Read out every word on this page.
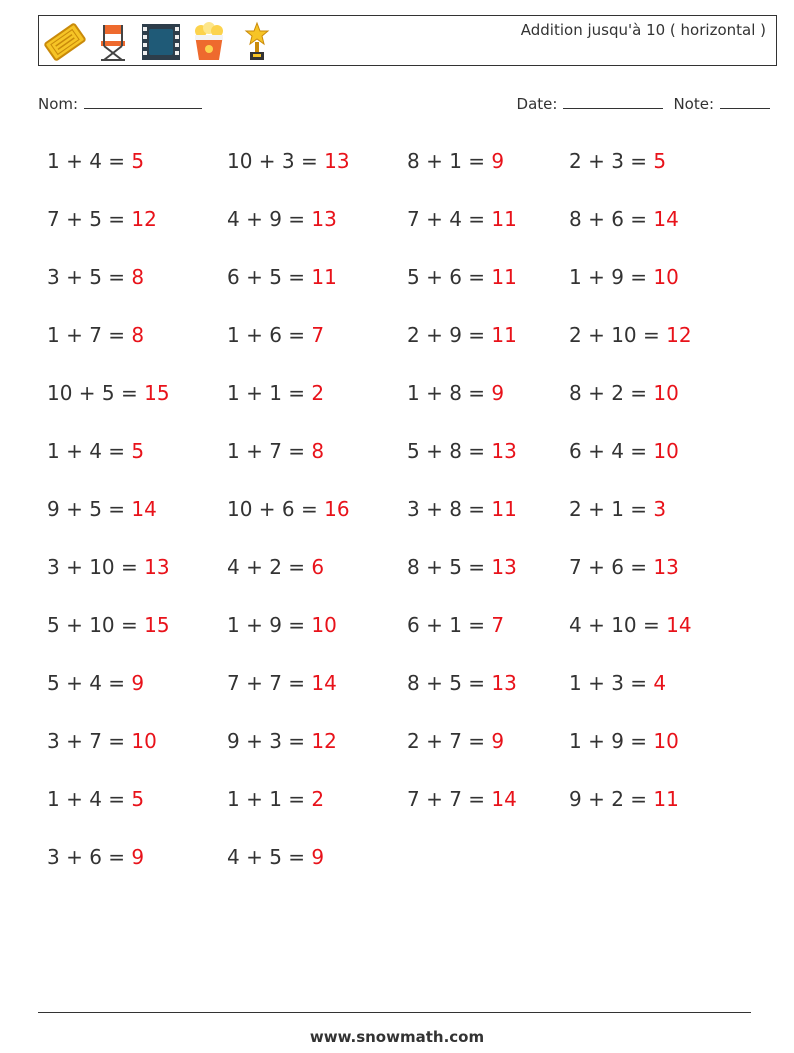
Addition jusqu'à 10 ( horizontal )
Nom:	Date:	Note:
1 + 4 = 5	10 + 3 = 13	8 + 1 = 9	2 + 3 = 5
7 + 5 = 12	4 + 9 = 13	7 + 4 = 11	8 + 6 = 14
3 + 5 = 8	6 + 5 = 11	5 + 6 = 11	1 + 9 = 10
1 + 7 = 8	1 + 6 = 7	2 + 9 = 11	2 + 10 = 12
10 + 5 = 15	1 + 1 = 2	1 + 8 = 9	8 + 2 = 10
1 + 4 = 5	1 + 7 = 8	5 + 8 = 13	6 + 4 = 10
9 + 5 = 14	10 + 6 = 16	3 + 8 = 11	2 + 1 = 3
3 + 10 = 13	4 + 2 = 6	8 + 5 = 13	7 + 6 = 13
5 + 10 = 15	1 + 9 = 10	6 + 1 = 7	4 + 10 = 14
5 + 4 = 9	7 + 7 = 14	8 + 5 = 13	1 + 3 = 4
3 + 7 = 10	9 + 3 = 12	2 + 7 = 9	1 + 9 = 10
1 + 4 = 5	1 + 1 = 2	7 + 7 = 14	9 + 2 = 11
3 + 6 = 9	4 + 5 = 9
www.snowmath.com
